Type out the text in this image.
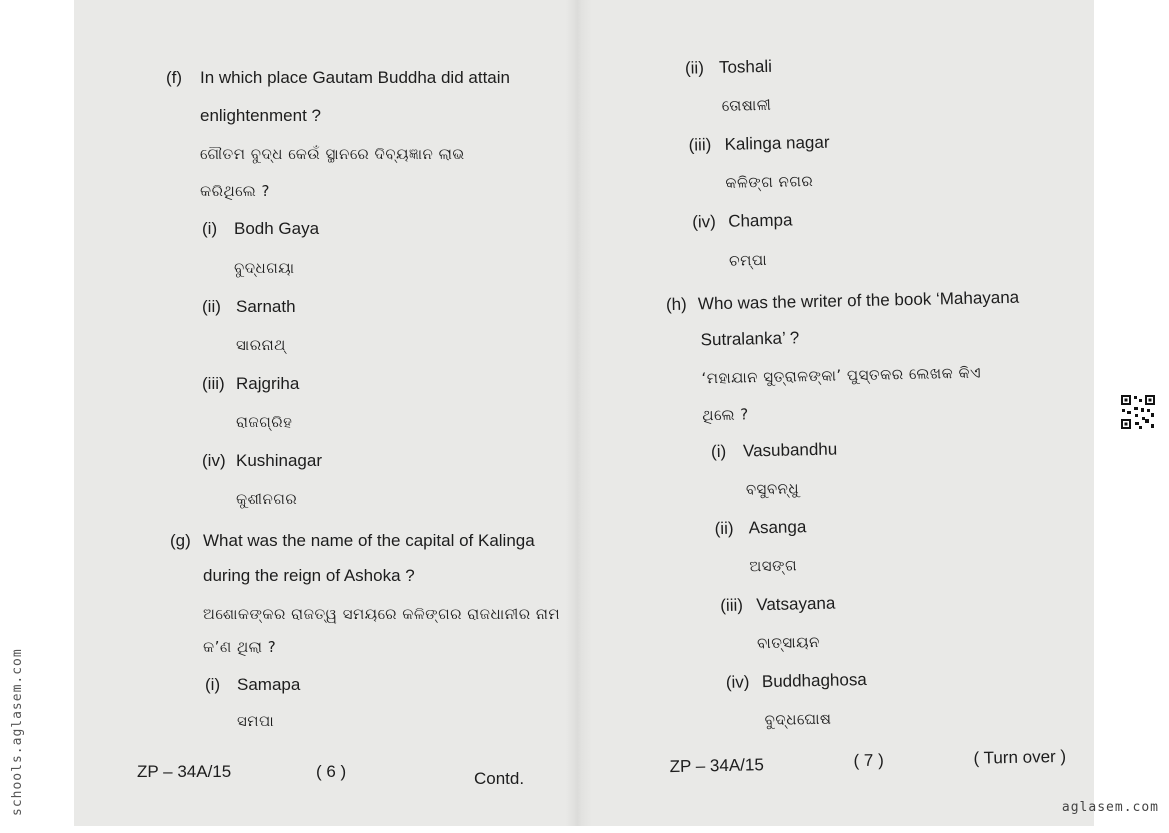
(f) In which place Gautam Buddha did attain
enlightenment ?
ଗୌତମ ବୁଦ୍ଧ କେଉଁ ସ୍ଥାନରେ ଦିବ୍ୟଜ୍ଞାନ ଲାଭ
କରିଥିଲେ ?
(i) Bodh Gaya
ବୁଦ୍ଧଗୟା
(ii) Sarnath
ସାରନାଥ୍
(iii) Rajgriha
ରାଜଗ୍ରିହ
(iv) Kushinagar
କୁଶୀନଗର
(g) What was the name of the capital of Kalinga
during the reign of Ashoka ?
ଅଶୋକଙ୍କର ରାଜତ୍ୱ ସମୟରେ କଳିଙ୍ଗର ରାଜଧାନୀର ନାମ
କ’ଣ ଥିଲା ?
(i) Samapa
ସମପା
ZP – 34A/15	( 6 )	Contd.
(ii) Toshali
ତୋଷାଳୀ
(iii) Kalinga nagar
କଳିଙ୍ଗ ନଗର
(iv) Champa
ଚମ୍ପା
(h) Who was the writer of the book ‘Mahayana
Sutralanka’ ?
‘ମହାଯାନ ସୁତ୍ରାଳଙ୍କା’ ପୁସ୍ତକର ଲେଖକ କିଏ
ଥିଲେ ?
(i) Vasubandhu
ବସୁବନ୍ଧୁ
(ii) Asanga
ଅସଙ୍ଗ
(iii) Vatsayana
ବାତ୍ସାୟନ
(iv) Buddhaghosa
ବୁଦ୍ଧଘୋଷ
ZP – 34A/15	( 7 )	( Turn over )
schools.aglasem.com	aglasem.com
